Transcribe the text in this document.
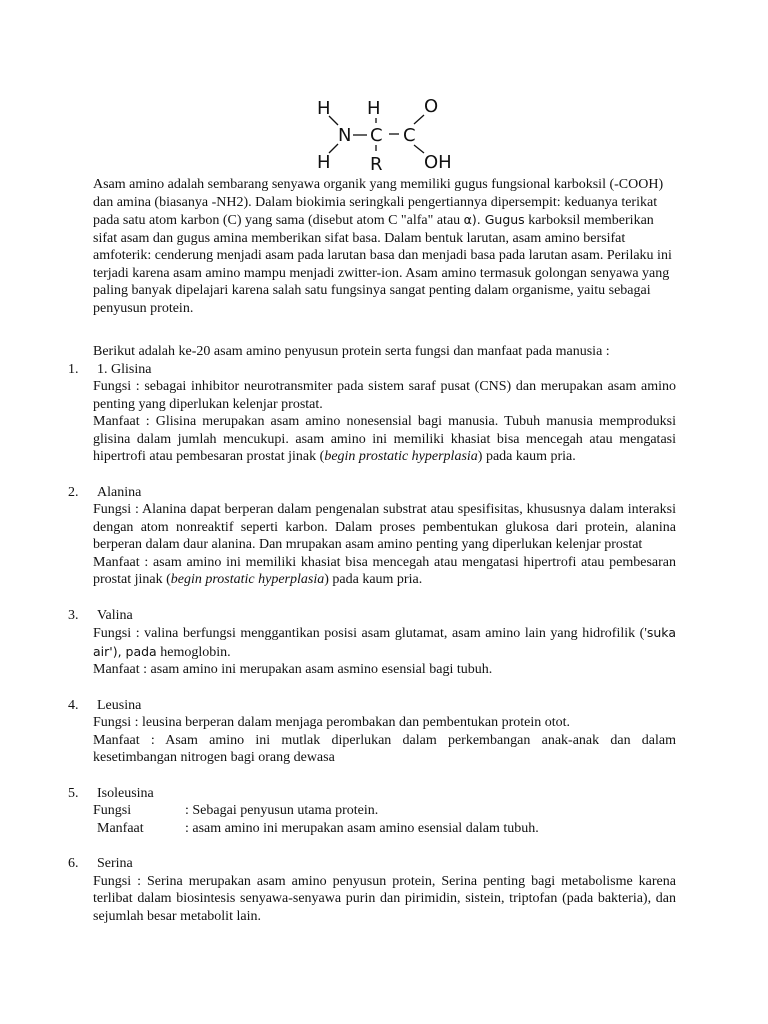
H H O
N C C
H R OH

Asam amino adalah sembarang senyawa organik yang memiliki gugus fungsional karboksil (-COOH) dan amina (biasanya -NH2). Dalam biokimia seringkali pengertiannya dipersempit: keduanya terikat pada satu atom karbon (C) yang sama (disebut atom C "alfa" atau α). Gugus karboksil memberikan sifat asam dan gugus amina memberikan sifat basa. Dalam bentuk larutan, asam amino bersifat amfoterik: cenderung menjadi asam pada larutan basa dan menjadi basa pada larutan asam. Perilaku ini terjadi karena asam amino mampu menjadi zwitter-ion. Asam amino termasuk golongan senyawa yang paling banyak dipelajari karena salah satu fungsinya sangat penting dalam organisme, yaitu sebagai penyusun protein.

Berikut adalah ke-20 asam amino penyusun protein serta fungsi dan manfaat pada manusia :

1.	1. Glisina

Fungsi : sebagai inhibitor neurotransmiter pada sistem saraf pusat (CNS) dan merupakan asam amino penting yang diperlukan kelenjar prostat.

Manfaat : Glisina merupakan asam amino nonesensial bagi manusia. Tubuh manusia memproduksi glisina dalam jumlah mencukupi. asam amino ini memiliki khasiat bisa mencegah atau mengatasi hipertrofi atau pembesaran prostat jinak (begin prostatic hyperplasia) pada kaum pria.

2.	Alanina

Fungsi : Alanina dapat berperan dalam pengenalan substrat atau spesifisitas, khususnya dalam interaksi dengan atom nonreaktif seperti karbon. Dalam proses pembentukan glukosa dari protein, alanina berperan dalam daur alanina. Dan mrupakan asam amino penting yang diperlukan kelenjar prostat

Manfaat : asam amino ini memiliki khasiat bisa mencegah atau mengatasi hipertrofi atau pembesaran prostat jinak (begin prostatic hyperplasia) pada kaum pria.

3.	Valina

Fungsi : valina berfungsi menggantikan posisi asam glutamat, asam amino lain yang hidrofilik ('suka air'), pada hemoglobin.

Manfaat : asam amino ini merupakan asam asmino esensial bagi tubuh.

4.	Leusina

Fungsi : leusina berperan dalam menjaga perombakan dan pembentukan protein otot.

Manfaat : Asam amino ini mutlak diperlukan dalam perkembangan anak-anak dan dalam kesetimbangan nitrogen bagi orang dewasa

5.	Isoleusina
Fungsi	: Sebagai penyusun utama protein.
Manfaat	: asam amino ini merupakan asam amino esensial dalam tubuh.
6.	Serina

Fungsi : Serina merupakan asam amino penyusun protein, Serina penting bagi metabolisme karena terlibat dalam biosintesis senyawa-senyawa purin dan pirimidin, sistein, triptofan (pada bakteria), dan sejumlah besar metabolit lain.
